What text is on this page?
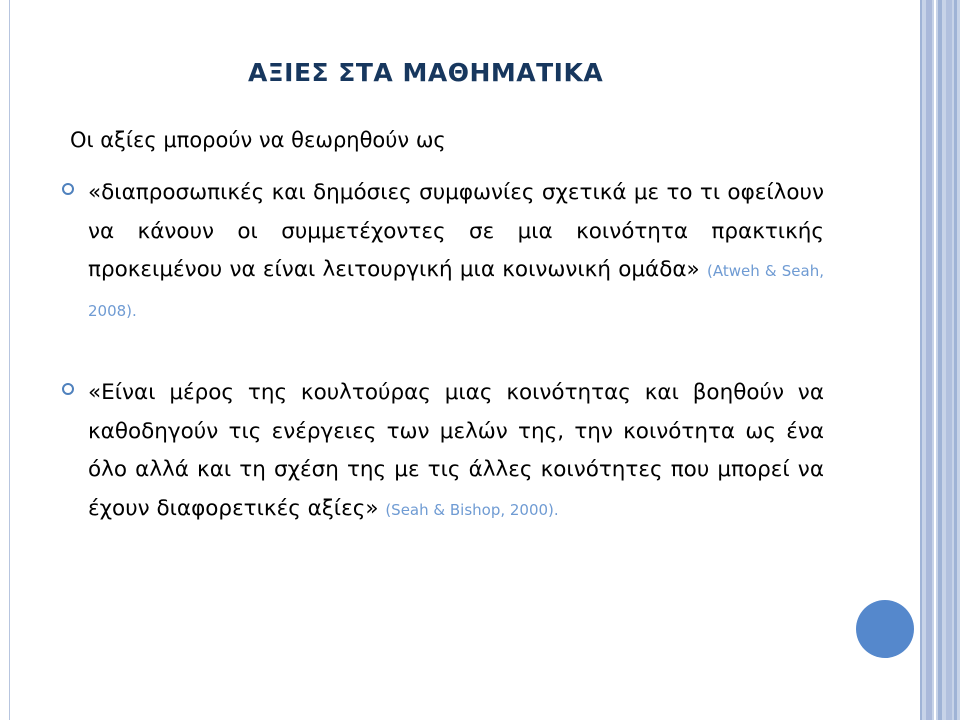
ΑΞΙΕΣ ΣΤΑ ΜΑΘΗΜΑΤΙΚΑ
Οι αξίες μπορούν να θεωρηθούν ως
«διαπροσωπικές και δημόσιες συμφωνίες σχετικά με το τι οφείλουν να κάνουν οι συμμετέχοντες σε μια κοινότητα πρακτικής προκειμένου να είναι λειτουργική μια κοινωνική ομάδα» (Atweh & Seah, 2008).
«Είναι μέρος της κουλτούρας μιας κοινότητας και βοηθούν να καθοδηγούν τις ενέργειες των μελών της, την κοινότητα ως ένα όλο αλλά και τη σχέση της με τις άλλες κοινότητες που μπορεί να έχουν διαφορετικές αξίες» (Seah & Bishop, 2000).
